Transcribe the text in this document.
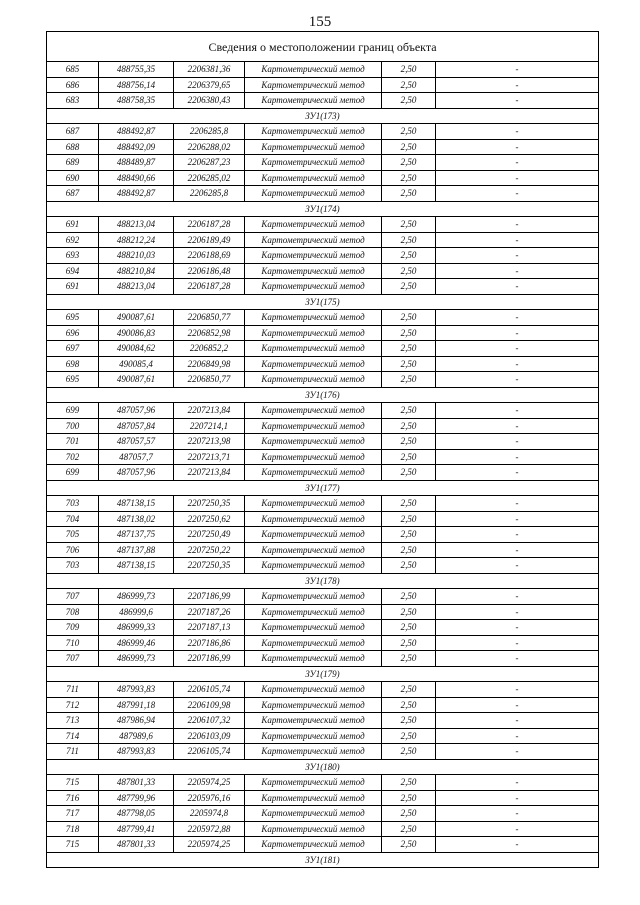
155
Сведения о местоположении границ объекта					
685	488755,35	2206381,36	Картометрический метод	2,50	-
686	488756,14	2206379,65	Картометрический метод	2,50	-
683	488758,35	2206380,43	Картометрический метод	2,50	-
ЗУ1(173)					
687	488492,87	2206285,8	Картометрический метод	2,50	-
688	488492,09	2206288,02	Картометрический метод	2,50	-
689	488489,87	2206287,23	Картометрический метод	2,50	-
690	488490,66	2206285,02	Картометрический метод	2,50	-
687	488492,87	2206285,8	Картометрический метод	2,50	-
ЗУ1(174)					
691	488213,04	2206187,28	Картометрический метод	2,50	-
692	488212,24	2206189,49	Картометрический метод	2,50	-
693	488210,03	2206188,69	Картометрический метод	2,50	-
694	488210,84	2206186,48	Картометрический метод	2,50	-
691	488213,04	2206187,28	Картометрический метод	2,50	-
ЗУ1(175)					
695	490087,61	2206850,77	Картометрический метод	2,50	-
696	490086,83	2206852,98	Картометрический метод	2,50	-
697	490084,62	2206852,2	Картометрический метод	2,50	-
698	490085,4	2206849,98	Картометрический метод	2,50	-
695	490087,61	2206850,77	Картометрический метод	2,50	-
ЗУ1(176)					
699	487057,96	2207213,84	Картометрический метод	2,50	-
700	487057,84	2207214,1	Картометрический метод	2,50	-
701	487057,57	2207213,98	Картометрический метод	2,50	-
702	487057,7	2207213,71	Картометрический метод	2,50	-
699	487057,96	2207213,84	Картометрический метод	2,50	-
ЗУ1(177)					
703	487138,15	2207250,35	Картометрический метод	2,50	-
704	487138,02	2207250,62	Картометрический метод	2,50	-
705	487137,75	2207250,49	Картометрический метод	2,50	-
706	487137,88	2207250,22	Картометрический метод	2,50	-
703	487138,15	2207250,35	Картометрический метод	2,50	-
ЗУ1(178)					
707	486999,73	2207186,99	Картометрический метод	2,50	-
708	486999,6	2207187,26	Картометрический метод	2,50	-
709	486999,33	2207187,13	Картометрический метод	2,50	-
710	486999,46	2207186,86	Картометрический метод	2,50	-
707	486999,73	2207186,99	Картометрический метод	2,50	-
ЗУ1(179)					
711	487993,83	2206105,74	Картометрический метод	2,50	-
712	487991,18	2206109,98	Картометрический метод	2,50	-
713	487986,94	2206107,32	Картометрический метод	2,50	-
714	487989,6	2206103,09	Картометрический метод	2,50	-
711	487993,83	2206105,74	Картометрический метод	2,50	-
ЗУ1(180)					
715	487801,33	2205974,25	Картометрический метод	2,50	-
716	487799,96	2205976,16	Картометрический метод	2,50	-
717	487798,05	2205974,8	Картометрический метод	2,50	-
718	487799,41	2205972,88	Картометрический метод	2,50	-
715	487801,33	2205974,25	Картометрический метод	2,50	-
ЗУ1(181)					
